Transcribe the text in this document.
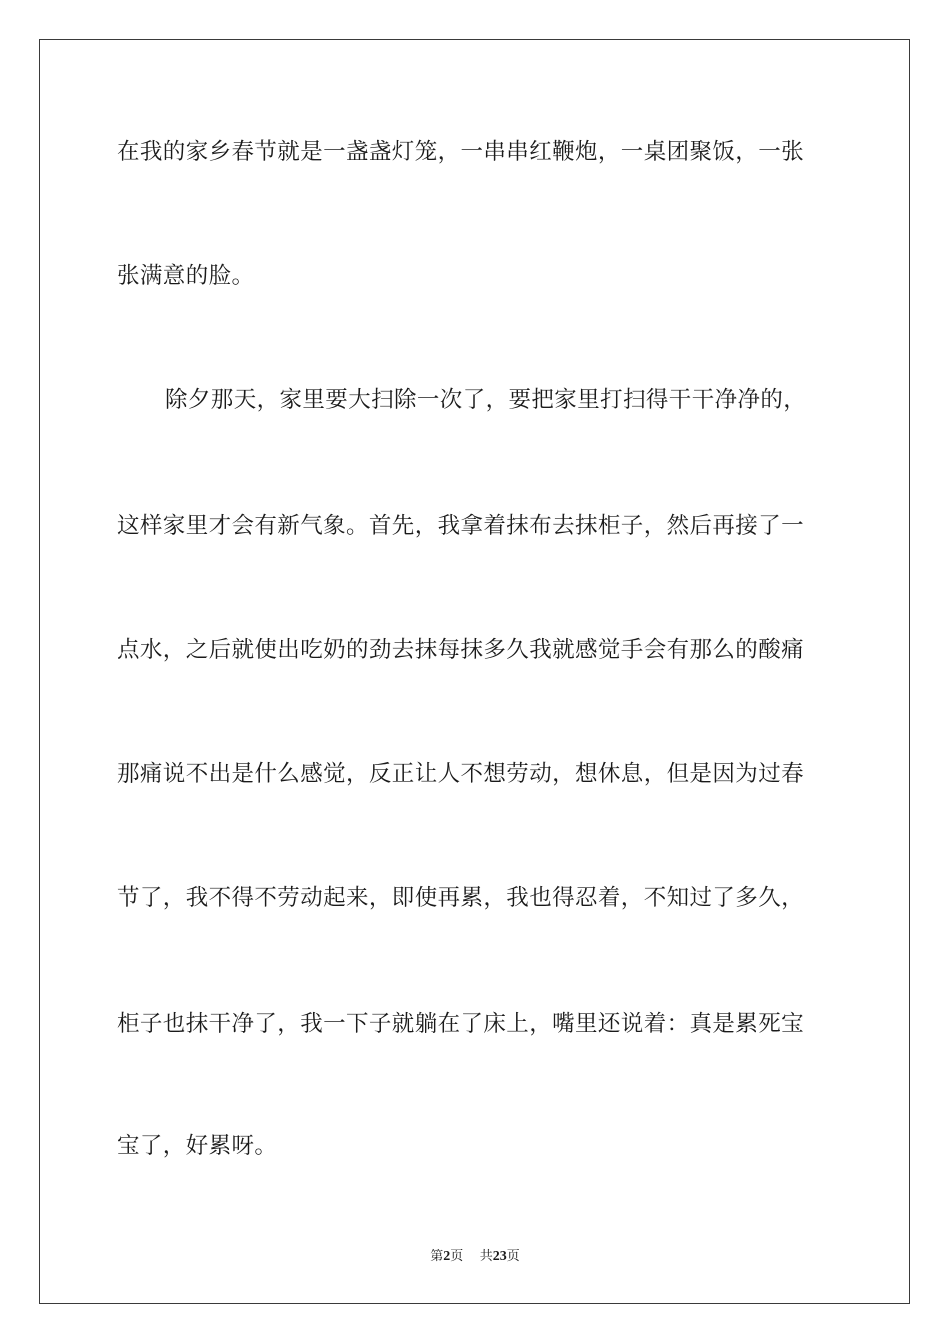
在我的家乡春节就是一盏盏灯笼，一串串红鞭炮，一桌团聚饭，一张
张满意的脸。
除夕那天，家里要大扫除一次了，要把家里打扫得干干净净的，
这样家里才会有新气象。首先，我拿着抹布去抹柜子，然后再接了一
点水，之后就使出吃奶的劲去抹每抹多久我就感觉手会有那么的酸痛
那痛说不出是什么感觉，反正让人不想劳动，想休息，但是因为过春
节了，我不得不劳动起来，即使再累，我也得忍着，不知过了多久，
柜子也抹干净了，我一下子就躺在了床上，嘴里还说着：真是累死宝
宝了，好累呀。
第2页 共23页
